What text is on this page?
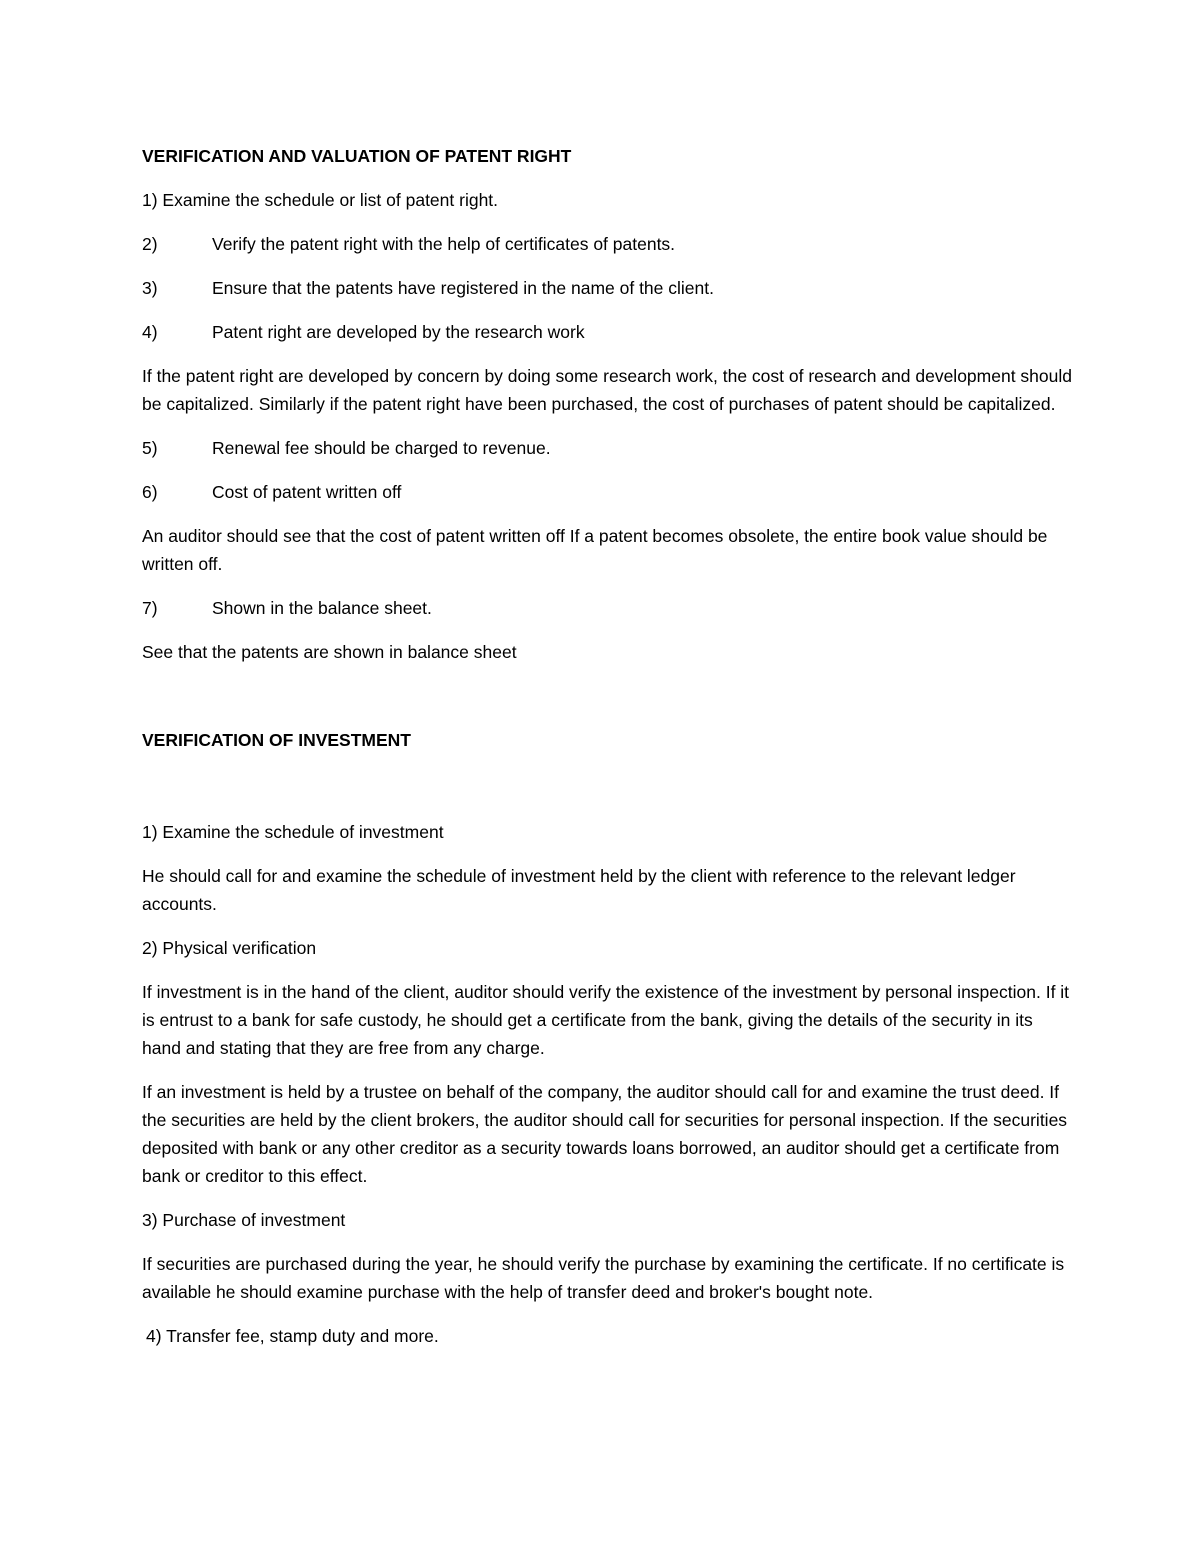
VERIFICATION AND VALUATION OF PATENT RIGHT

1) Examine the schedule or list of patent right.

2)	Verify the patent right with the help of certificates of patents.
3)	Ensure that the patents have registered in the name of the client.
4)	Patent right are developed by the research work

If the patent right are developed by concern by doing some research work, the cost of research and development should be capitalized. Similarly if the patent right have been purchased, the cost of purchases of patent should be capitalized.

5)	Renewal fee should be charged to revenue.
6)	Cost of patent written off

An auditor should see that the cost of patent written off If a patent becomes obsolete, the entire book value should be written off.

7)	Shown in the balance sheet.

See that the patents are shown in balance sheet

VERIFICATION OF INVESTMENT

1) Examine the schedule of investment

He should call for and examine the schedule of investment held by the client with reference to the relevant ledger accounts.

2) Physical verification

If investment is in the hand of the client, auditor should verify the existence of the investment by personal inspection. If it is entrust to a bank for safe custody, he should get a certificate from the bank, giving the details of the security in its hand and stating that they are free from any charge.

If an investment is held by a trustee on behalf of the company, the auditor should call for and examine the trust deed. If the securities are held by the client brokers, the auditor should call for securities for personal inspection. If the securities deposited with bank or any other creditor as a security towards loans borrowed, an auditor should get a certificate from bank or creditor to this effect.

3) Purchase of investment

If securities are purchased during the year, he should verify the purchase by examining the certificate. If no certificate is available he should examine purchase with the help of transfer deed and broker's bought note.

4) Transfer fee, stamp duty and more.
